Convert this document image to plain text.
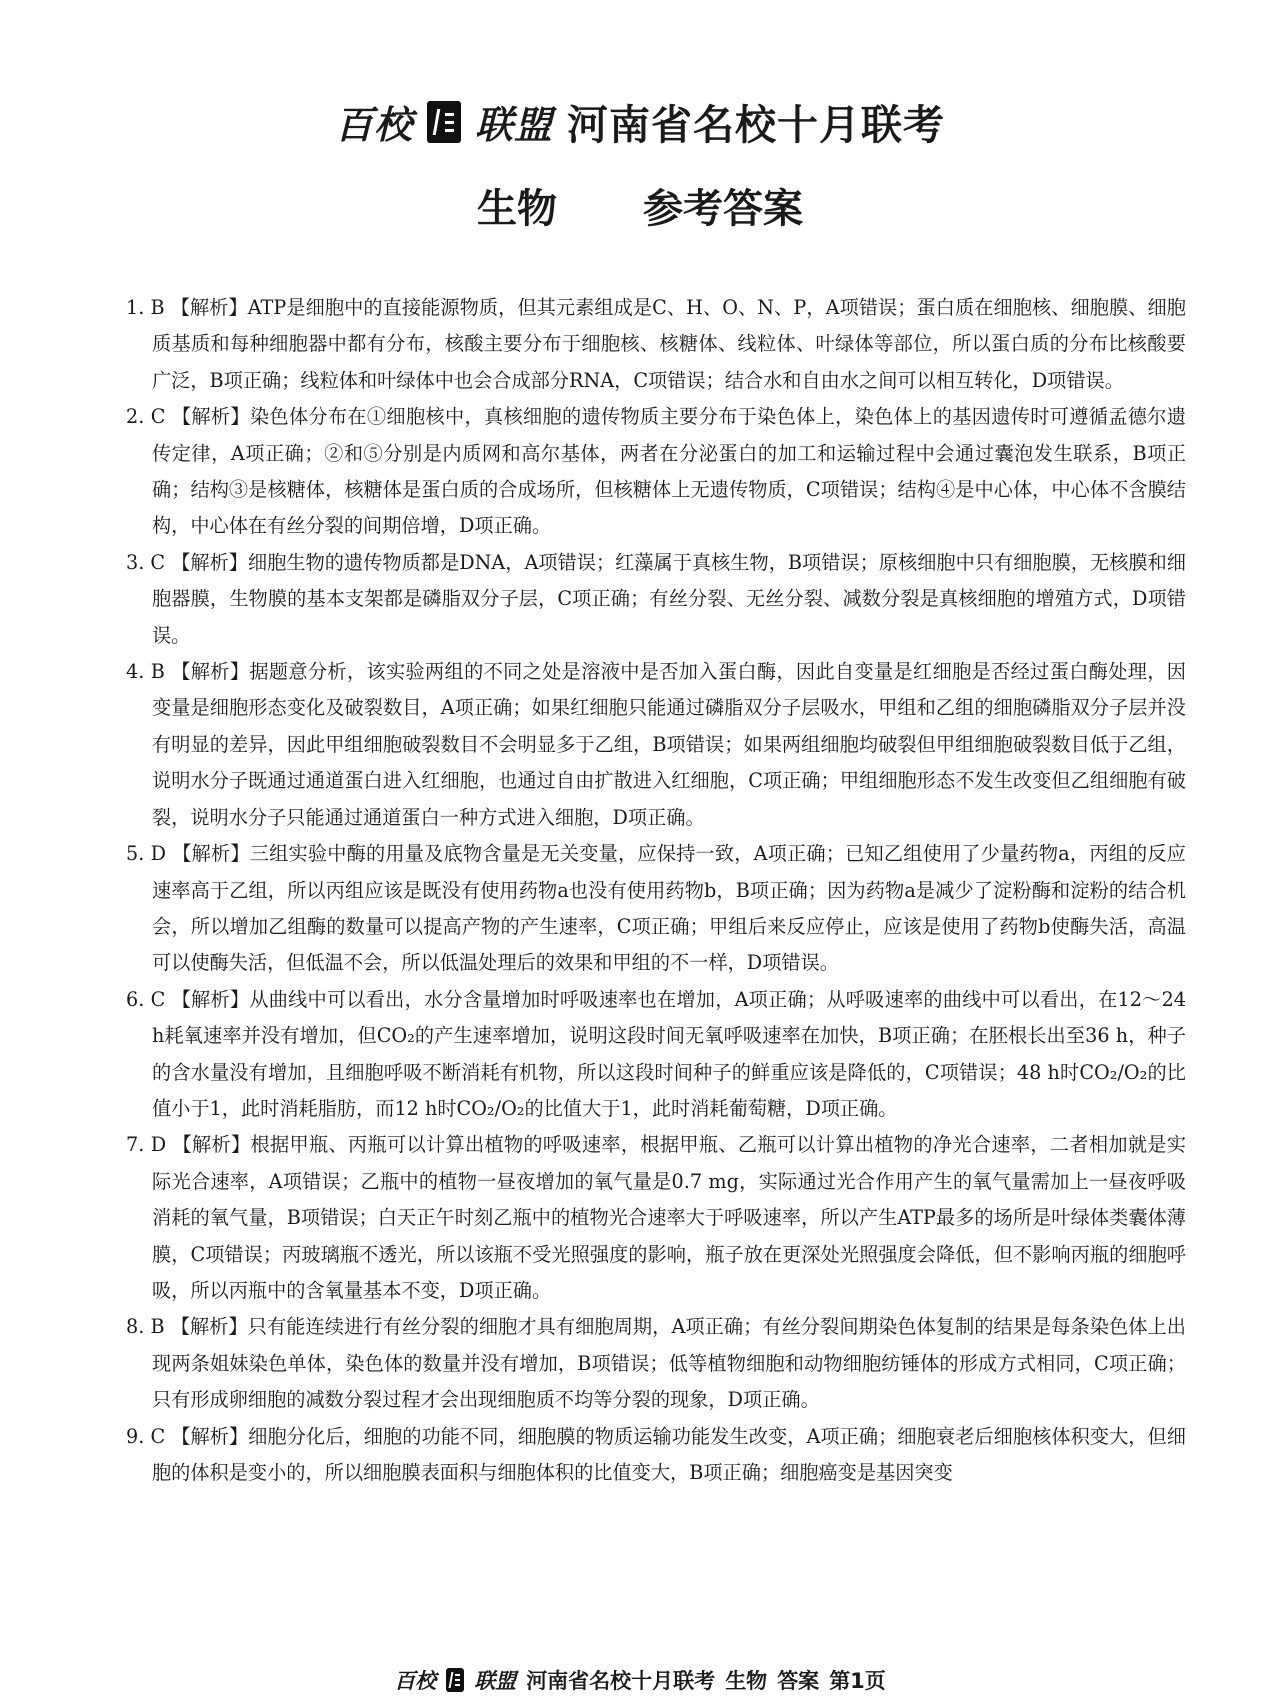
百校 联盟 河南省名校十月联考
生物 参考答案

1. B 【解析】ATP是细胞中的直接能源物质，但其元素组成是C、H、O、N、P，A项错误；蛋白质在细胞核、细胞膜、细胞质基质和每种细胞器中都有分布，核酸主要分布于细胞核、核糖体、线粒体、叶绿体等部位，所以蛋白质的分布比核酸要广泛，B项正确；线粒体和叶绿体中也会合成部分RNA，C项错误；结合水和自由水之间可以相互转化，D项错误。

2. C 【解析】染色体分布在①细胞核中，真核细胞的遗传物质主要分布于染色体上，染色体上的基因遗传时可遵循孟德尔遗传定律，A项正确；②和⑤分别是内质网和高尔基体，两者在分泌蛋白的加工和运输过程中会通过囊泡发生联系，B项正确；结构③是核糖体，核糖体是蛋白质的合成场所，但核糖体上无遗传物质，C项错误；结构④是中心体，中心体不含膜结构，中心体在有丝分裂的间期倍增，D项正确。

3. C 【解析】细胞生物的遗传物质都是DNA，A项错误；红藻属于真核生物，B项错误；原核细胞中只有细胞膜，无核膜和细胞器膜，生物膜的基本支架都是磷脂双分子层，C项正确；有丝分裂、无丝分裂、减数分裂是真核细胞的增殖方式，D项错误。

4. B 【解析】据题意分析，该实验两组的不同之处是溶液中是否加入蛋白酶，因此自变量是红细胞是否经过蛋白酶处理，因变量是细胞形态变化及破裂数目，A项正确；如果红细胞只能通过磷脂双分子层吸水，甲组和乙组的细胞磷脂双分子层并没有明显的差异，因此甲组细胞破裂数目不会明显多于乙组，B项错误；如果两组细胞均破裂但甲组细胞破裂数目低于乙组，说明水分子既通过通道蛋白进入红细胞，也通过自由扩散进入红细胞，C项正确；甲组细胞形态不发生改变但乙组细胞有破裂，说明水分子只能通过通道蛋白一种方式进入细胞，D项正确。

5. D 【解析】三组实验中酶的用量及底物含量是无关变量，应保持一致，A项正确；已知乙组使用了少量药物a，丙组的反应速率高于乙组，所以丙组应该是既没有使用药物a也没有使用药物b，B项正确；因为药物a是减少了淀粉酶和淀粉的结合机会，所以增加乙组酶的数量可以提高产物的产生速率，C项正确；甲组后来反应停止，应该是使用了药物b使酶失活，高温可以使酶失活，但低温不会，所以低温处理后的效果和甲组的不一样，D项错误。

6. C 【解析】从曲线中可以看出，水分含量增加时呼吸速率也在增加，A项正确；从呼吸速率的曲线中可以看出，在12～24 h耗氧速率并没有增加，但CO₂的产生速率增加，说明这段时间无氧呼吸速率在加快，B项正确；在胚根长出至36 h，种子的含水量没有增加，且细胞呼吸不断消耗有机物，所以这段时间种子的鲜重应该是降低的，C项错误；48 h时CO₂/O₂的比值小于1，此时消耗脂肪，而12 h时CO₂/O₂的比值大于1，此时消耗葡萄糖，D项正确。

7. D 【解析】根据甲瓶、丙瓶可以计算出植物的呼吸速率，根据甲瓶、乙瓶可以计算出植物的净光合速率，二者相加就是实际光合速率，A项错误；乙瓶中的植物一昼夜增加的氧气量是0.7 mg，实际通过光合作用产生的氧气量需加上一昼夜呼吸消耗的氧气量，B项错误；白天正午时刻乙瓶中的植物光合速率大于呼吸速率，所以产生ATP最多的场所是叶绿体类囊体薄膜，C项错误；丙玻璃瓶不透光，所以该瓶不受光照强度的影响，瓶子放在更深处光照强度会降低，但不影响丙瓶的细胞呼吸，所以丙瓶中的含氧量基本不变，D项正确。

8. B 【解析】只有能连续进行有丝分裂的细胞才具有细胞周期，A项正确；有丝分裂间期染色体复制的结果是每条染色体上出现两条姐妹染色单体，染色体的数量并没有增加，B项错误；低等植物细胞和动物细胞纺锤体的形成方式相同，C项正确；只有形成卵细胞的减数分裂过程才会出现细胞质不均等分裂的现象，D项正确。

9. C 【解析】细胞分化后，细胞的功能不同，细胞膜的物质运输功能发生改变，A项正确；细胞衰老后细胞核体积变大，但细胞的体积是变小的，所以细胞膜表面积与细胞体积的比值变大，B项正确；细胞癌变是基因突变

百校 联盟 河南省名校十月联考 生物 答案 第1页
